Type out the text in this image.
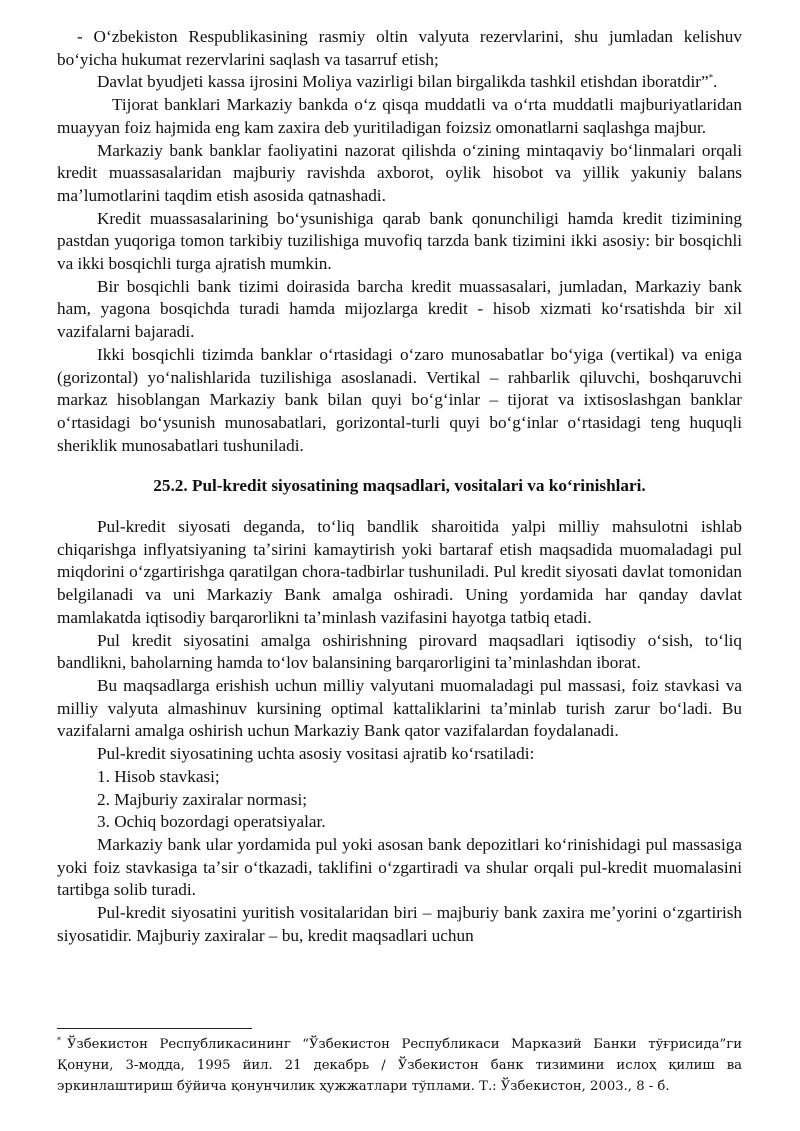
- Oʻzbekiston Respublikasining rasmiy oltin valyuta rezervlarini, shu jumladan kelishuv boʻyicha hukumat rezervlarini saqlash va tasarruf etish;

Davlat byudjeti kassa ijrosini Moliya vazirligi bilan birgalikda tashkil etishdan iboratdir”*.

Tijorat banklari Markaziy bankda oʻz qisqa muddatli va oʻrta muddatli majburiyatlaridan muayyan foiz hajmida eng kam zaxira deb yuritiladigan foizsiz omonatlarni saqlashga majbur.

Markaziy bank banklar faoliyatini nazorat qilishda oʻzining mintaqaviy boʻlinmalari orqali kredit muassasalaridan majburiy ravishda axborot, oylik hisobot va yillik yakuniy balans maʼlumotlarini taqdim etish asosida qatnashadi.

Kredit muassasalarining boʻysunishiga qarab bank qonunchiligi hamda kredit tizimining pastdan yuqoriga tomon tarkibiy tuzilishiga muvofiq tarzda bank tizimini ikki asosiy: bir bosqichli va ikki bosqichli turga ajratish mumkin.

Bir bosqichli bank tizimi doirasida barcha kredit muassasalari, jumladan, Markaziy bank ham, yagona bosqichda turadi hamda mijozlarga kredit - hisob xizmati koʻrsatishda bir xil vazifalarni bajaradi.

Ikki bosqichli tizimda banklar oʻrtasidagi oʻzaro munosabatlar boʻyiga (vertikal) va eniga (gorizontal) yoʻnalishlarida tuzilishiga asoslanadi. Vertikal – rahbarlik qiluvchi, boshqaruvchi markaz hisoblangan Markaziy bank bilan quyi boʻgʻinlar – tijorat va ixtisoslashgan banklar oʻrtasidagi boʻysunish munosabatlari, gorizontal-turli quyi boʻgʻinlar oʻrtasidagi teng huquqli sheriklik munosabatlari tushuniladi.

25.2. Pul-kredit siyosatining maqsadlari, vositalari va koʻrinishlari.

Pul-kredit siyosati deganda, toʻliq bandlik sharoitida yalpi milliy mahsulotni ishlab chiqarishga inflyatsiyaning taʼsirini kamaytirish yoki bartaraf etish maqsadida muomaladagi pul miqdorini oʻzgartirishga qaratilgan chora-tadbirlar tushuniladi. Pul kredit siyosati davlat tomonidan belgilanadi va uni Markaziy Bank amalga oshiradi. Uning yordamida har qanday davlat mamlakatda iqtisodiy barqarorlikni taʼminlash vazifasini hayotga tatbiq etadi.

Pul kredit siyosatini amalga oshirishning pirovard maqsadlari iqtisodiy oʻsish, toʻliq bandlikni, baholarning hamda toʻlov balansining barqarorligini taʼminlashdan iborat.

Bu maqsadlarga erishish uchun milliy valyutani muomaladagi pul massasi, foiz stavkasi va milliy valyuta almashinuv kursining optimal kattaliklarini taʼminlab turish zarur boʻladi. Bu vazifalarni amalga oshirish uchun Markaziy Bank qator vazifalardan foydalanadi.

Pul-kredit siyosatining uchta asosiy vositasi ajratib koʻrsatiladi:

1. Hisob stavkasi;

2. Majburiy zaxiralar normasi;

3. Ochiq bozordagi operatsiyalar.

Markaziy bank ular yordamida pul yoki asosan bank depozitlari koʻrinishidagi pul massasiga yoki foiz stavkasiga taʼsir oʻtkazadi, taklifini oʻzgartiradi va shular orqali pul-kredit muomalasini tartibga solib turadi.

Pul-kredit siyosatini yuritish vositalaridan biri – majburiy bank zaxira meʼyorini oʻzgartirish siyosatidir. Majburiy zaxiralar – bu, kredit maqsadlari uchun

* Ўзбекистон Республикасининг “Ўзбекистон Республикаси Марказий Банки тўғрисида”ги Қонуни, 3-модда, 1995 йил. 21 декабрь / Ўзбекистон банк тизимини ислоҳ қилиш ва эркинлаштириш бўйича қонунчилик ҳужжатлари тўплами. Т.: Ўзбекистон, 2003., 8 - б.
